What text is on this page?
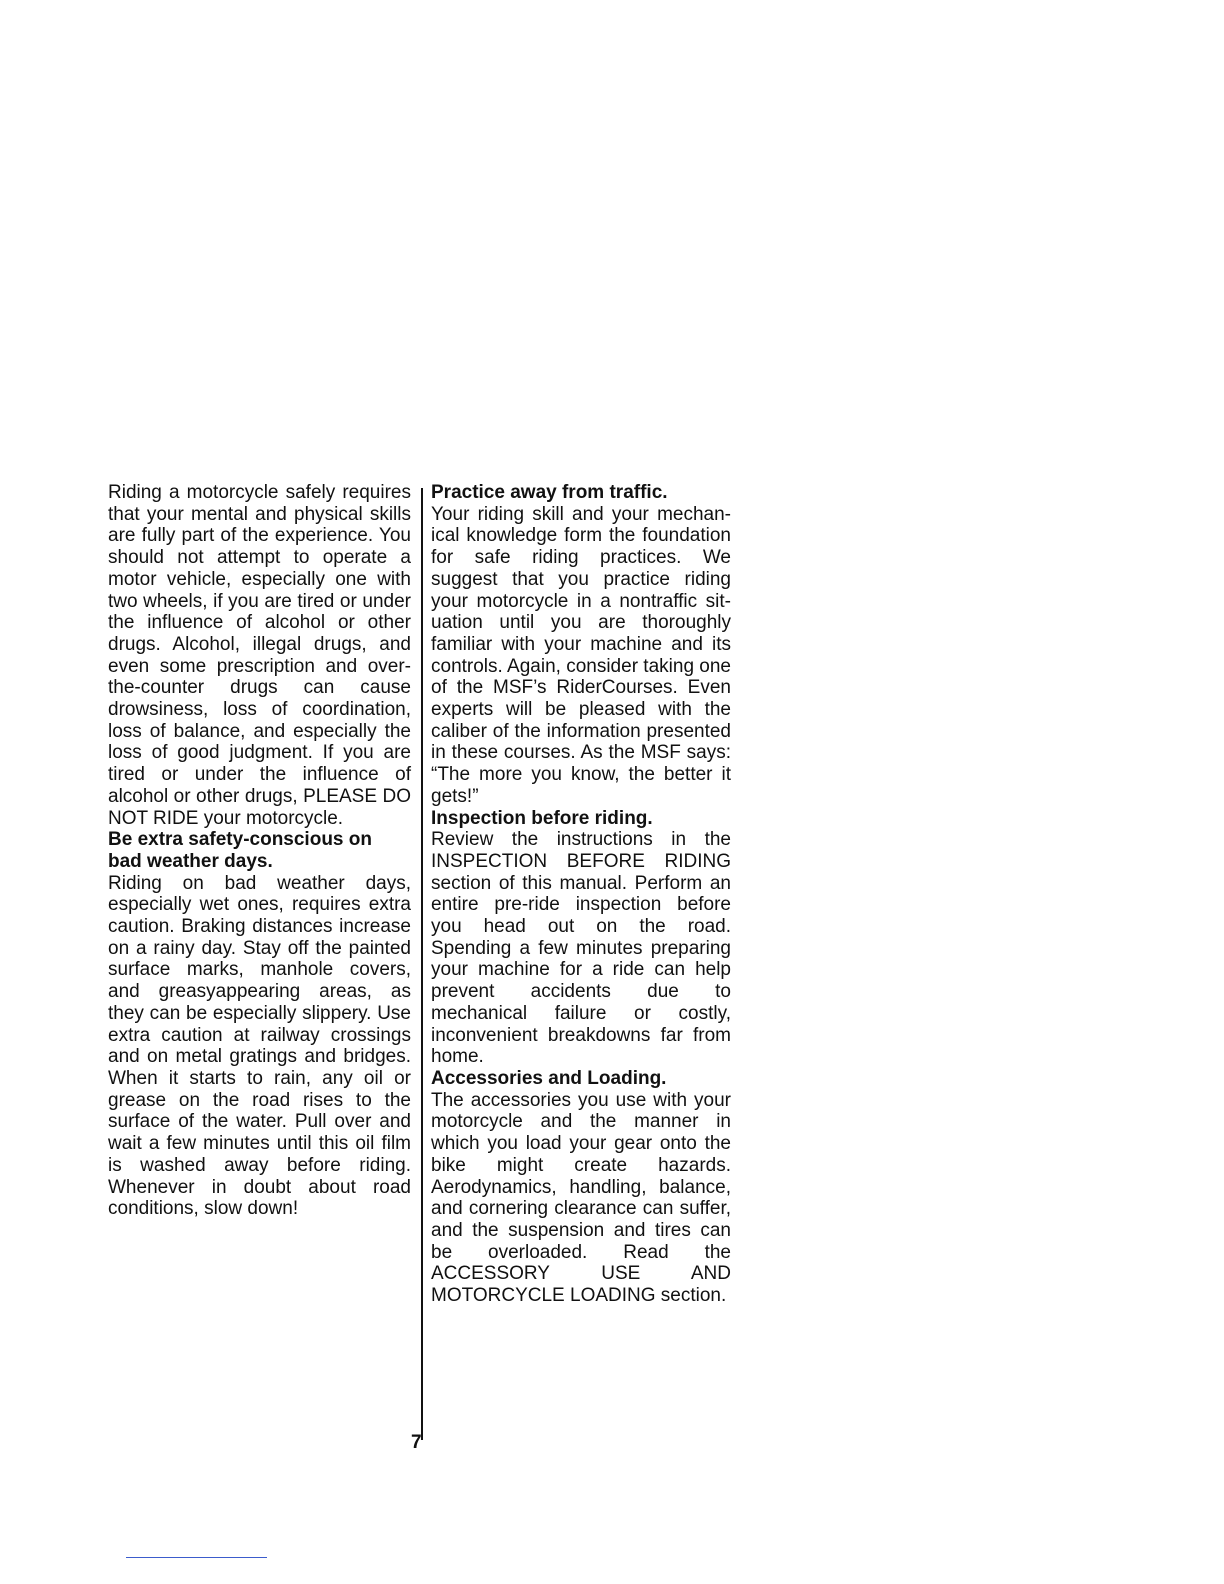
Riding a motorcycle safely requires that your mental and physical skills are fully part of the experience. You should not attempt to operate a motor vehicle, especially one with two wheels, if you are tired or under the influence of alcohol or other drugs. Alcohol, illegal drugs, and even some prescription and over-the-counter drugs can cause drowsiness, loss of coordination, loss of balance, and especially the loss of good judgment. If you are tired or under the influence of alcohol or other drugs, PLEASE DO NOT RIDE your motorcycle.

Be extra safety-conscious on bad weather days.

Riding on bad weather days, especially wet ones, requires extra caution. Braking distances increase on a rainy day. Stay off the painted surface marks, manhole covers, and greasyappearing areas, as they can be especially slippery. Use extra caution at railway crossings and on metal gratings and bridges. When it starts to rain, any oil or grease on the road rises to the surface of the water. Pull over and wait a few minutes until this oil film is washed away before riding. Whenever in doubt about road conditions, slow down!

Practice away from traffic.

Your riding skill and your mechanical knowledge form the foundation for safe riding practices. We suggest that you practice riding your motorcycle in a nontraffic situation until you are thoroughly familiar with your machine and its controls. Again, consider taking one of the MSF’s RiderCourses. Even experts will be pleased with the caliber of the information presented in these courses. As the MSF says: “The more you know, the better it gets!”

Inspection before riding.

Review the instructions in the INSPECTION BEFORE RIDING section of this manual. Perform an entire pre-ride inspection before you head out on the road. Spending a few minutes preparing your machine for a ride can help prevent accidents due to mechanical failure or costly, inconvenient breakdowns far from home.

Accessories and Loading.

The accessories you use with your motorcycle and the manner in which you load your gear onto the bike might create hazards. Aerodynamics, handling, balance, and cornering clearance can suffer, and the suspension and tires can be overloaded. Read the ACCESSORY USE AND MOTORCYCLE LOADING section.

7
